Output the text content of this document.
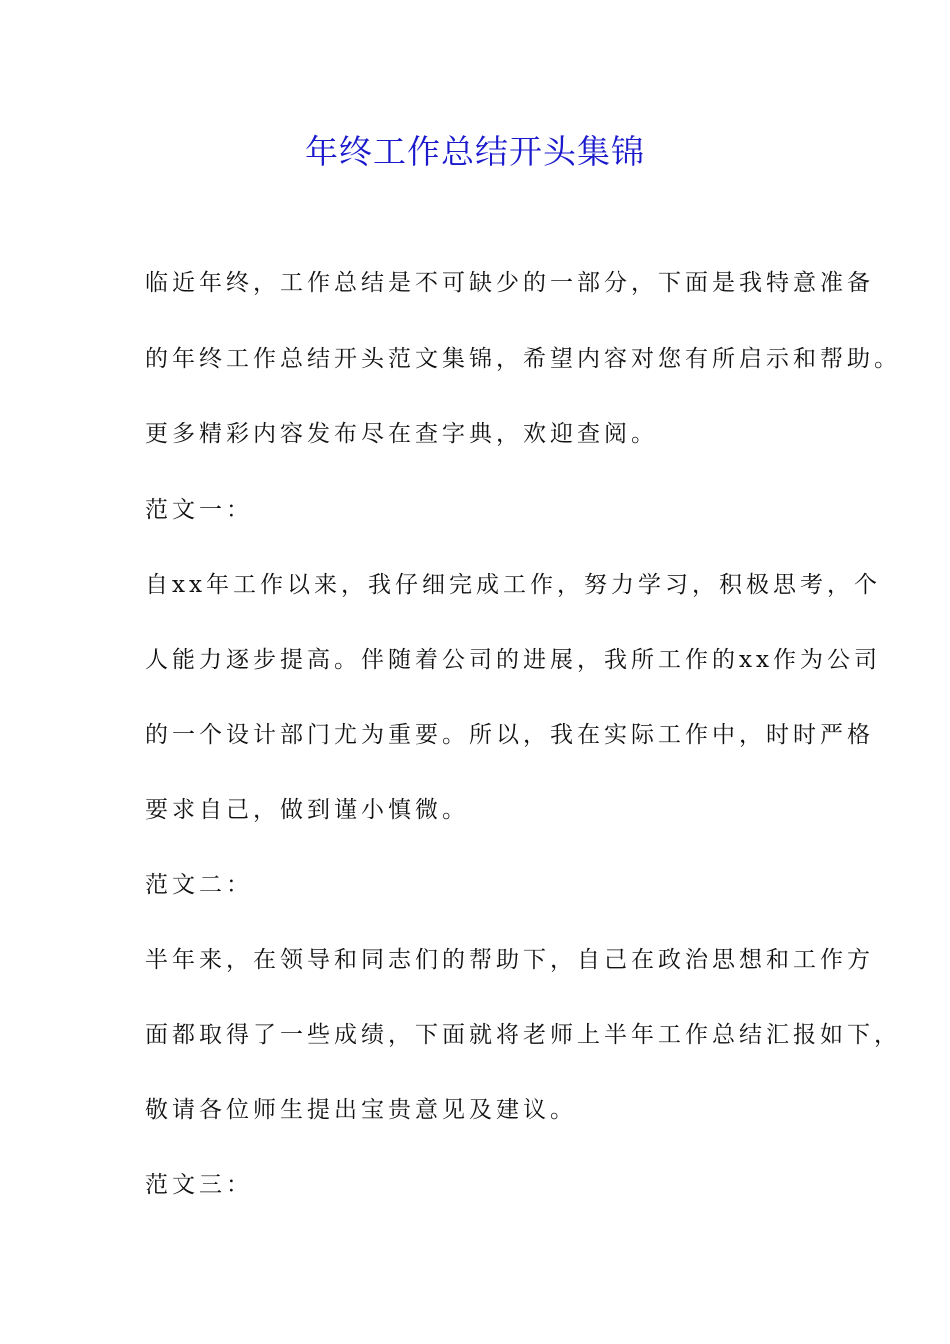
年终工作总结开头集锦
临近年终，工作总结是不可缺少的一部分，下面是我特意准备
的年终工作总结开头范文集锦，希望内容对您有所启示和帮助。
更多精彩内容发布尽在查字典，欢迎查阅。
范文一：
自xx年工作以来，我仔细完成工作，努力学习，积极思考，个
人能力逐步提高。伴随着公司的进展，我所工作的xx作为公司
的一个设计部门尤为重要。所以，我在实际工作中，时时严格
要求自己，做到谨小慎微。
范文二：
半年来，在领导和同志们的帮助下，自己在政治思想和工作方
面都取得了一些成绩，下面就将老师上半年工作总结汇报如下，
敬请各位师生提出宝贵意见及建议。
范文三：
